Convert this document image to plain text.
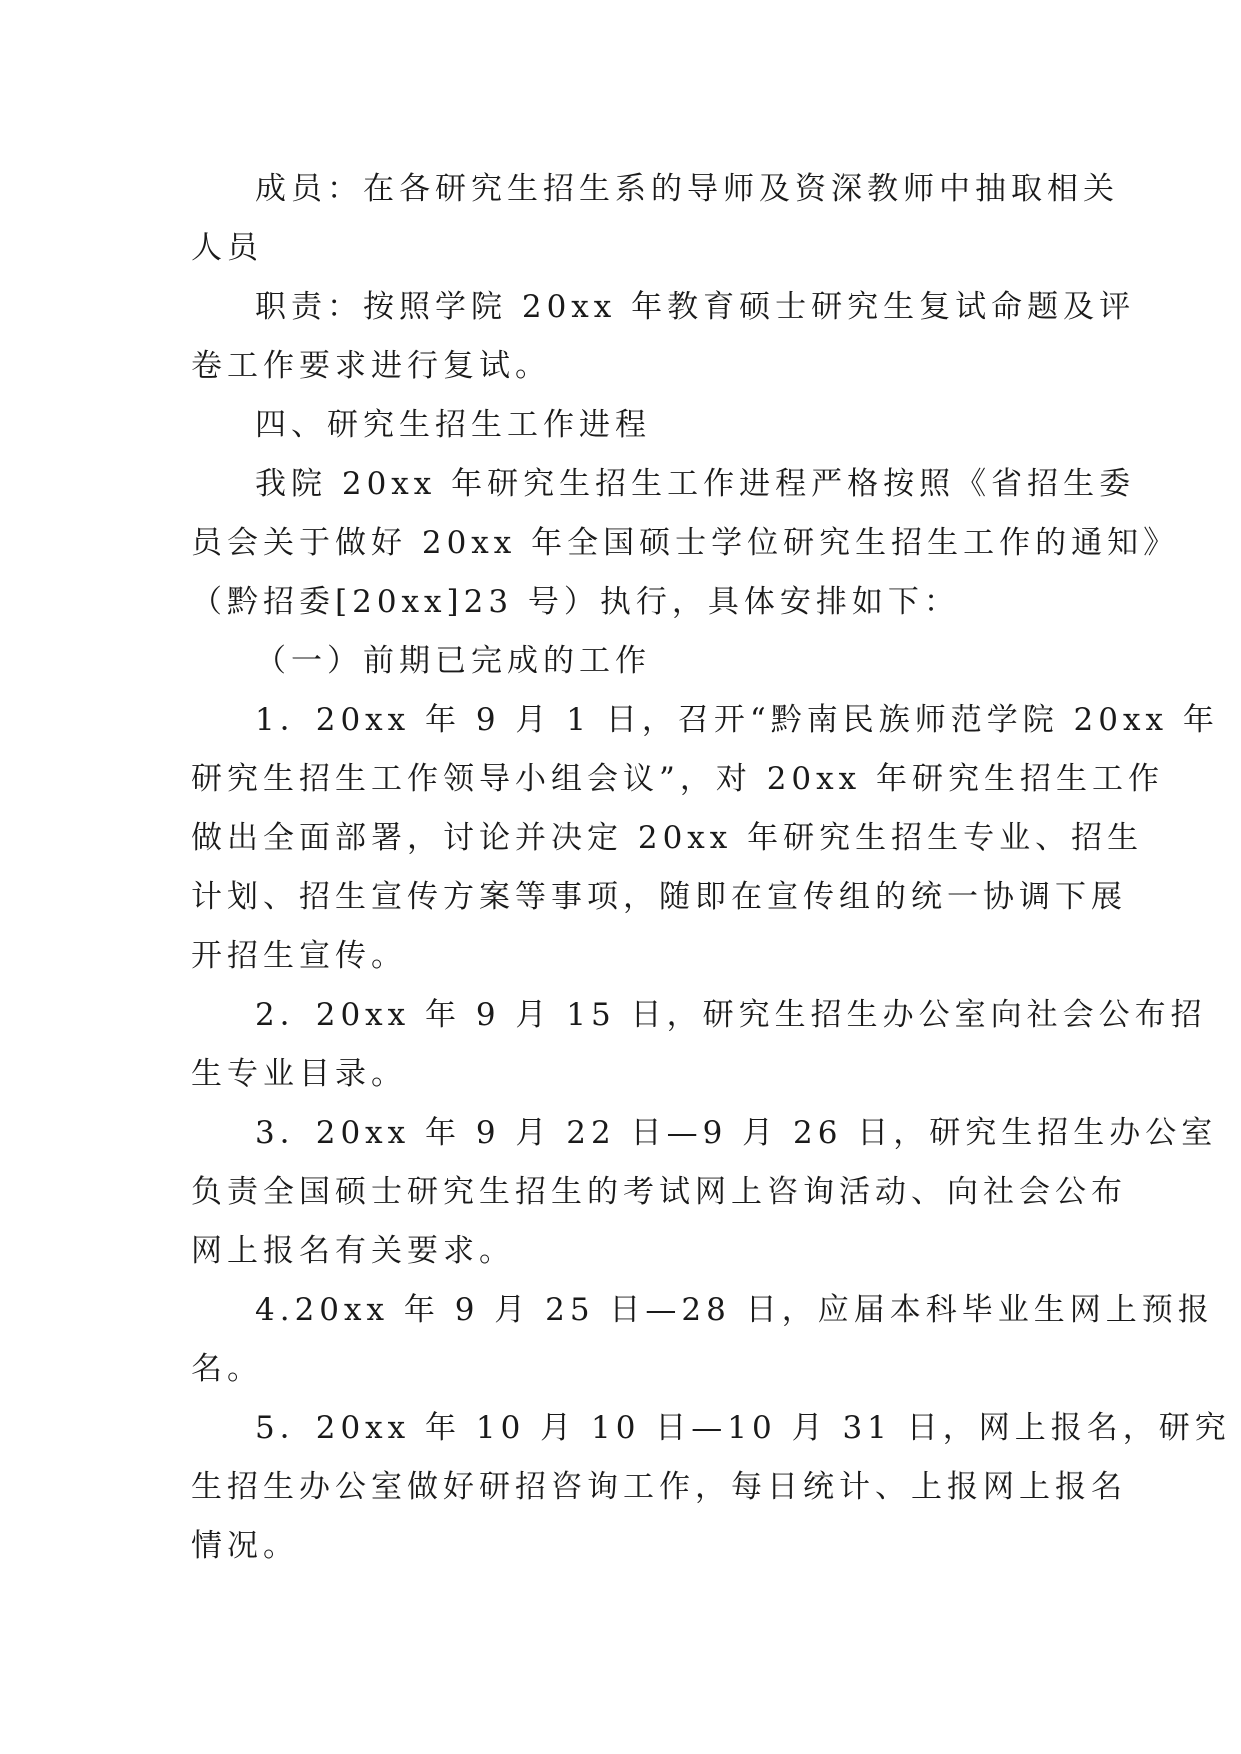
成员：在各研究生招生系的导师及资深教师中抽取相关
人员

职责：按照学院 20xx 年教育硕士研究生复试命题及评
卷工作要求进行复试。

四、研究生招生工作进程

我院 20xx 年研究生招生工作进程严格按照《省招生委
员会关于做好 20xx 年全国硕士学位研究生招生工作的通知》
（黔招委[20xx]23 号）执行，具体安排如下：

（一）前期已完成的工作

1．20xx 年 9 月 1 日，召开“黔南民族师范学院 20xx 年
研究生招生工作领导小组会议”，对 20xx 年研究生招生工作
做出全面部署，讨论并决定 20xx 年研究生招生专业、招生
计划、招生宣传方案等事项，随即在宣传组的统一协调下展
开招生宣传。

2．20xx 年 9 月 15 日，研究生招生办公室向社会公布招
生专业目录。

3．20xx 年 9 月 22 日—9 月 26 日，研究生招生办公室
负责全国硕士研究生招生的考试网上咨询活动、向社会公布
网上报名有关要求。

4.20xx 年 9 月 25 日—28 日，应届本科毕业生网上预报
名。

5．20xx 年 10 月 10 日—10 月 31 日，网上报名，研究
生招生办公室做好研招咨询工作，每日统计、上报网上报名
情况。
